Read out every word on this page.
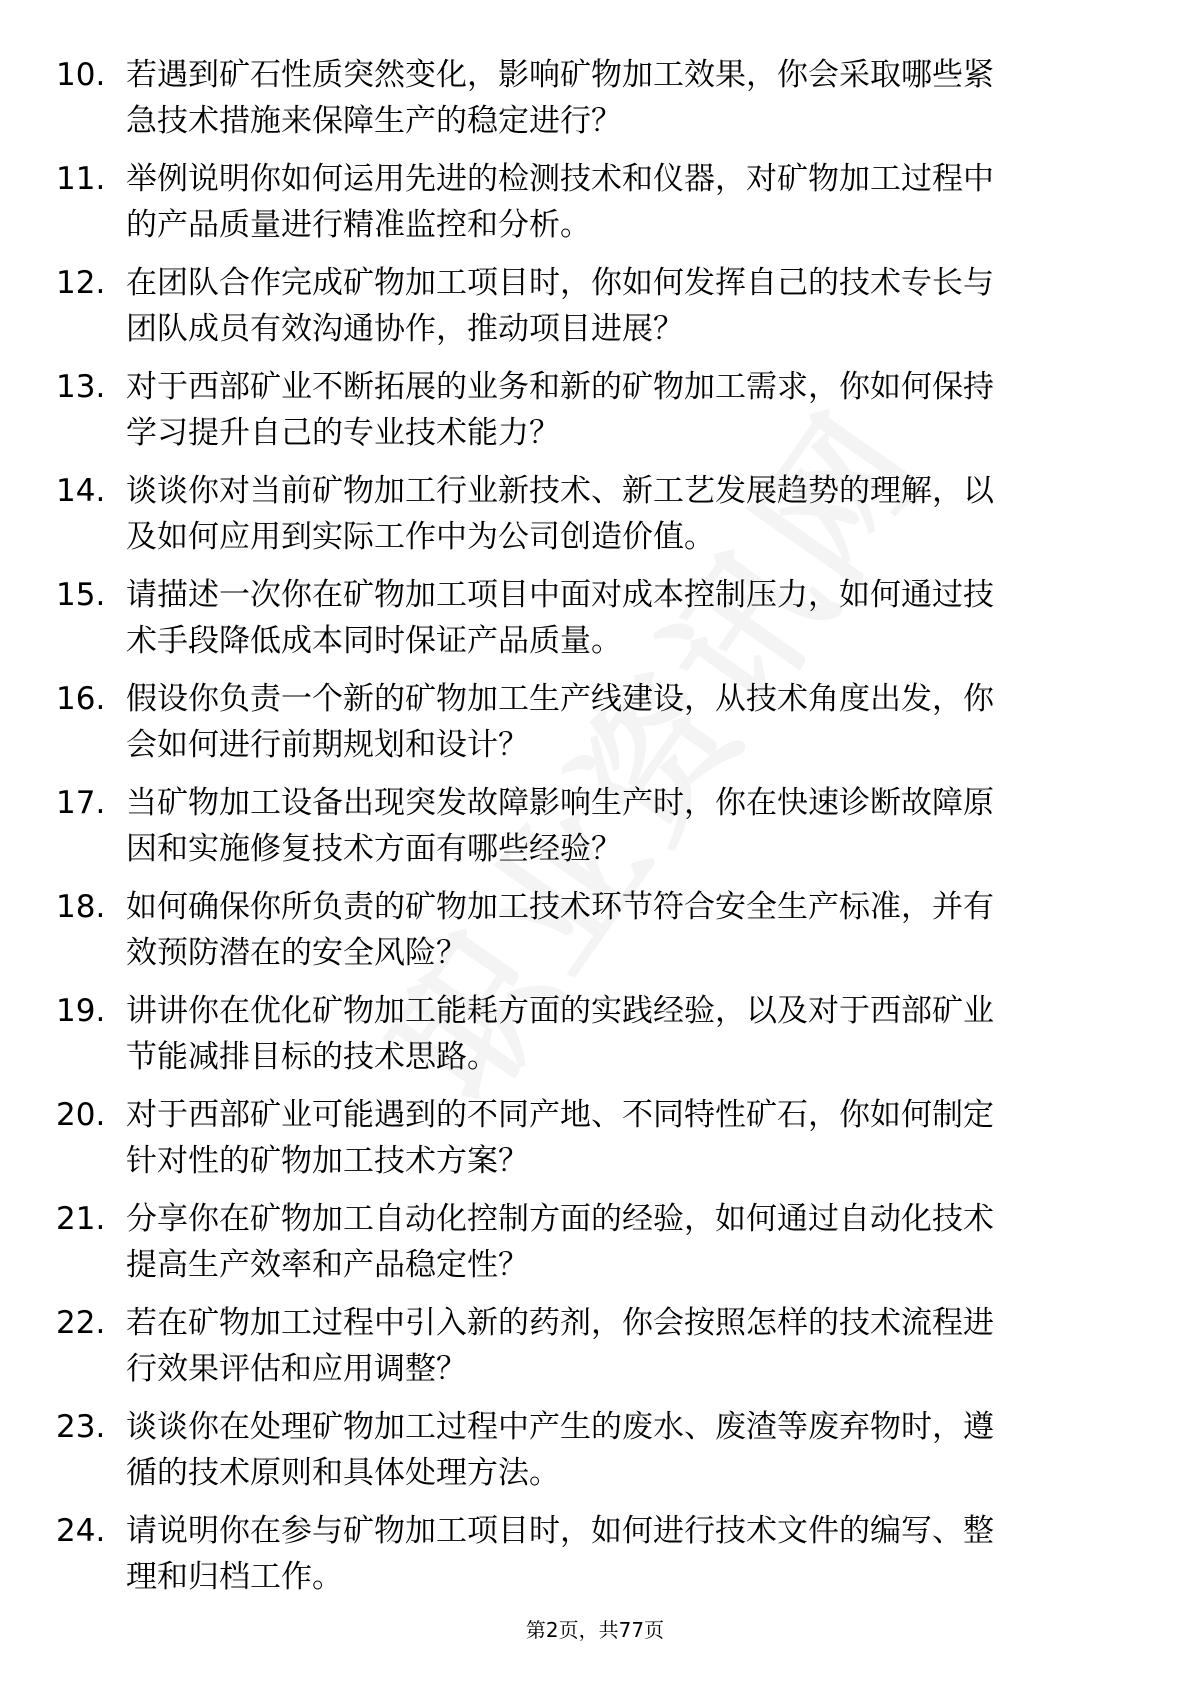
10. 若遇到矿石性质突然变化，影响矿物加工效果，你会采取哪些紧
急技术措施来保障生产的稳定进行？
11. 举例说明你如何运用先进的检测技术和仪器，对矿物加工过程中
的产品质量进行精准监控和分析。
12. 在团队合作完成矿物加工项目时，你如何发挥自己的技术专长与
团队成员有效沟通协作，推动项目进展？
13. 对于西部矿业不断拓展的业务和新的矿物加工需求，你如何保持
学习提升自己的专业技术能力？
14. 谈谈你对当前矿物加工行业新技术、新工艺发展趋势的理解，以
及如何应用到实际工作中为公司创造价值。
15. 请描述一次你在矿物加工项目中面对成本控制压力，如何通过技
术手段降低成本同时保证产品质量。
16. 假设你负责一个新的矿物加工生产线建设，从技术角度出发，你
会如何进行前期规划和设计？
17. 当矿物加工设备出现突发故障影响生产时，你在快速诊断故障原
因和实施修复技术方面有哪些经验？
18. 如何确保你所负责的矿物加工技术环节符合安全生产标准，并有
效预防潜在的安全风险？
19. 讲讲你在优化矿物加工能耗方面的实践经验，以及对于西部矿业
节能减排目标的技术思路。
20. 对于西部矿业可能遇到的不同产地、不同特性矿石，你如何制定
针对性的矿物加工技术方案？
21. 分享你在矿物加工自动化控制方面的经验，如何通过自动化技术
提高生产效率和产品稳定性？
22. 若在矿物加工过程中引入新的药剂，你会按照怎样的技术流程进
行效果评估和应用调整？
23. 谈谈你在处理矿物加工过程中产生的废水、废渣等废弃物时，遵
循的技术原则和具体处理方法。
24. 请说明你在参与矿物加工项目时，如何进行技术文件的编写、整
理和归档工作。
第2页，共77页
